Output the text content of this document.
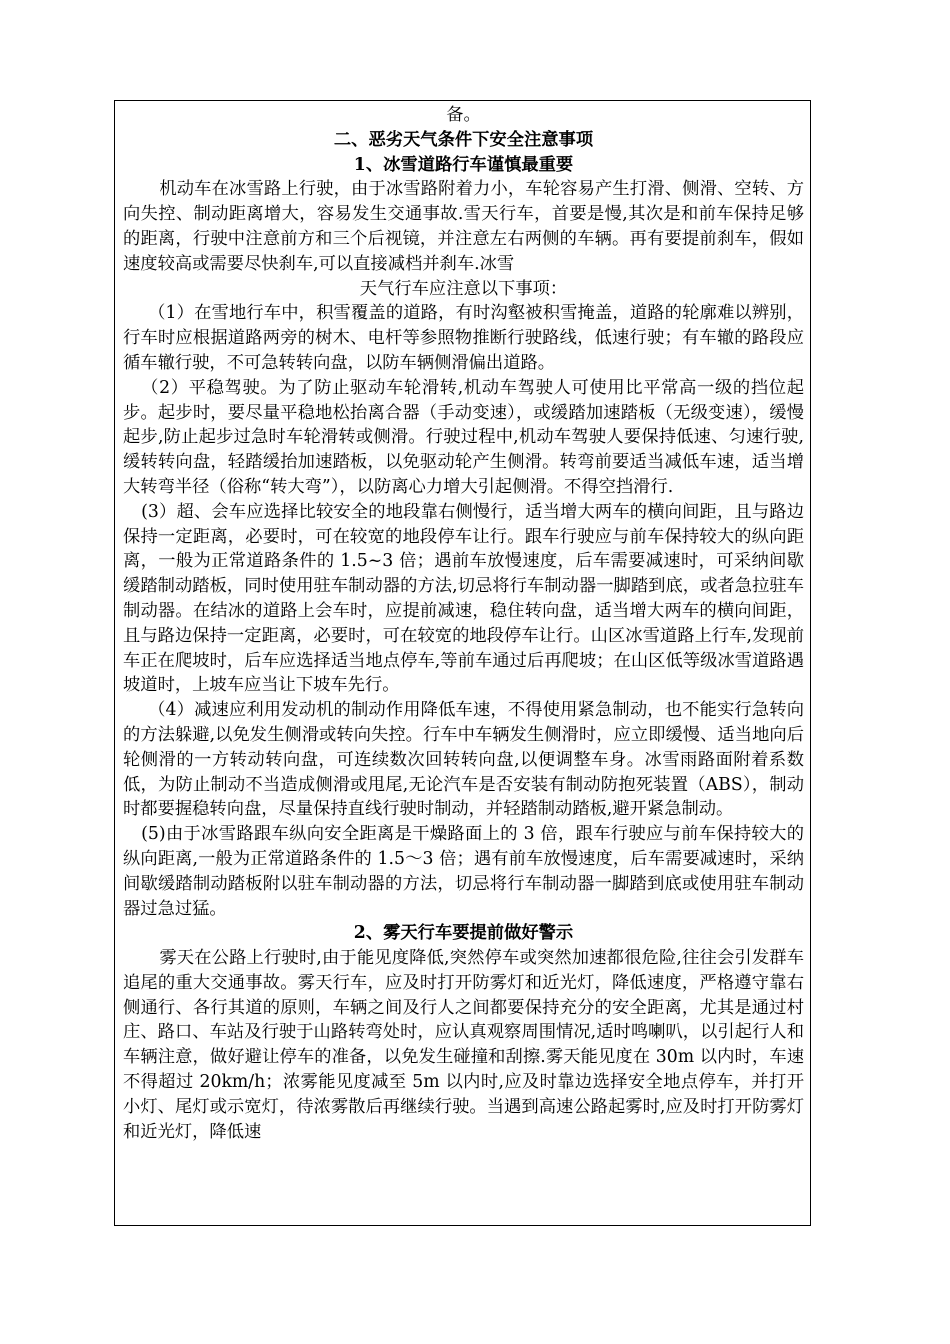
备。

二、恶劣天气条件下安全注意事项

1、冰雪道路行车谨慎最重要

机动车在冰雪路上行驶，由于冰雪路附着力小，车轮容易产生打滑、侧滑、空转、方向失控、制动距离增大，容易发生交通事故.雪天行车，首要是慢,其次是和前车保持足够的距离，行驶中注意前方和三个后视镜，并注意左右两侧的车辆。再有要提前刹车，假如速度较高或需要尽快刹车,可以直接减档并刹车.冰雪

天气行车应注意以下事项：

（1）在雪地行车中，积雪覆盖的道路，有时沟壑被积雪掩盖，道路的轮廓难以辨别，行车时应根据道路两旁的树木、电杆等参照物推断行驶路线，低速行驶；有车辙的路段应循车辙行驶，不可急转转向盘，以防车辆侧滑偏出道路。

（2）平稳驾驶。为了防止驱动车轮滑转,机动车驾驶人可使用比平常高一级的挡位起步。起步时，要尽量平稳地松抬离合器（手动变速），或缓踏加速踏板（无级变速），缓慢起步,防止起步过急时车轮滑转或侧滑。行驶过程中,机动车驾驶人要保持低速、匀速行驶,缓转转向盘，轻踏缓抬加速踏板，以免驱动轮产生侧滑。转弯前要适当减低车速，适当增大转弯半径（俗称“转大弯”），以防离心力增大引起侧滑。不得空挡滑行.

(3）超、会车应选择比较安全的地段靠右侧慢行，适当增大两车的横向间距，且与路边保持一定距离，必要时，可在较宽的地段停车让行。跟车行驶应与前车保持较大的纵向距离，一般为正常道路条件的 1.5~3 倍；遇前车放慢速度，后车需要减速时，可采纳间歇缓踏制动踏板，同时使用驻车制动器的方法,切忌将行车制动器一脚踏到底，或者急拉驻车制动器。在结冰的道路上会车时，应提前减速，稳住转向盘，适当增大两车的横向间距，且与路边保持一定距离，必要时，可在较宽的地段停车让行。山区冰雪道路上行车,发现前车正在爬坡时，后车应选择适当地点停车,等前车通过后再爬坡；在山区低等级冰雪道路遇坡道时，上坡车应当让下坡车先行。

（4）减速应利用发动机的制动作用降低车速，不得使用紧急制动，也不能实行急转向的方法躲避,以免发生侧滑或转向失控。行车中车辆发生侧滑时，应立即缓慢、适当地向后轮侧滑的一方转动转向盘，可连续数次回转转向盘,以便调整车身。冰雪雨路面附着系数低，为防止制动不当造成侧滑或甩尾,无论汽车是否安装有制动防抱死装置（ABS），制动时都要握稳转向盘，尽量保持直线行驶时制动，并轻踏制动踏板,避开紧急制动。

(5)由于冰雪路跟车纵向安全距离是干燥路面上的 3 倍，跟车行驶应与前车保持较大的纵向距离,一般为正常道路条件的 1.5～3 倍；遇有前车放慢速度，后车需要减速时，采纳间歇缓踏制动踏板附以驻车制动器的方法，切忌将行车制动器一脚踏到底或使用驻车制动器过急过猛。

2、雾天行车要提前做好警示

雾天在公路上行驶时,由于能见度降低,突然停车或突然加速都很危险,往往会引发群车追尾的重大交通事故。雾天行车，应及时打开防雾灯和近光灯，降低速度，严格遵守靠右侧通行、各行其道的原则，车辆之间及行人之间都要保持充分的安全距离，尤其是通过村庄、路口、车站及行驶于山路转弯处时，应认真观察周围情况,适时鸣喇叭，以引起行人和车辆注意，做好避让停车的准备，以免发生碰撞和刮擦.雾天能见度在 30m 以内时，车速不得超过 20km/h；浓雾能见度减至 5m 以内时,应及时靠边选择安全地点停车，并打开小灯、尾灯或示宽灯，待浓雾散后再继续行驶。当遇到高速公路起雾时,应及时打开防雾灯和近光灯，降低速
